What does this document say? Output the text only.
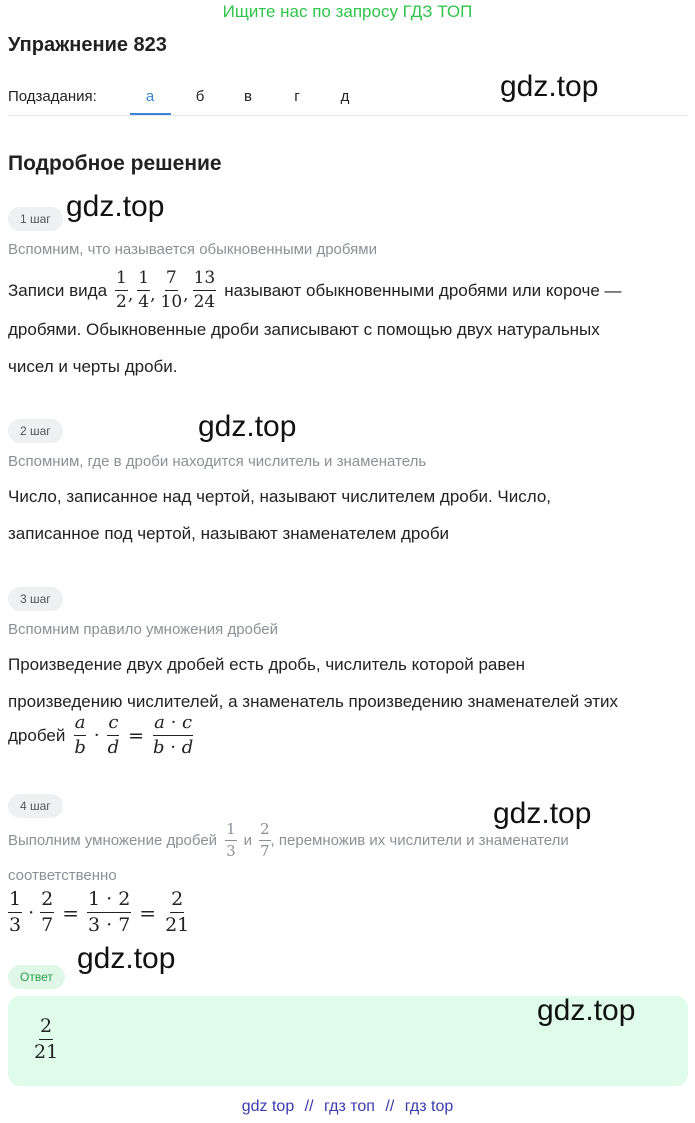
Ищите нас по запросу ГДЗ ТОП
Упражнение 823
Подзадания:	а	б	в	г	д	gdz.top
gdz.top
gdz.top
gdz.top
gdz.top
Подробное решение
1 шаг
Вспомним, что называется обыкновенными дробями
Записи вида $\frac{1}{2}$ , $\frac{1}{4}$ , $\frac{7}{10}$ , $\frac{13}{24}$ называют обыкновенными дробями или короче —
дробями. Обыкновенные дроби записывают с помощью двух натуральных
чисел и черты дроби.
2 шаг
Вспомним, где в дроби находится числитель и знаменатель
Число, записанное над чертой, называют числителем дроби. Число,
записанное под чертой, называют знаменателем дроби
3 шаг
Вспомним правило умножения дробей
Произведение двух дробей есть дробь, числитель которой равен
произведению числителей, а знаменатель произведению знаменателей этих
дробей $\frac{a}{b} \cdot \frac{c}{d} = \frac{a \cdot c}{b \cdot d}$
4 шаг
Выполним умножение дробей $\frac{1}{3}$ и $\frac{2}{7}$ , перемножив их числители и знаменатели
соответственно
$\frac{1}{3} \cdot \frac{2}{7} = \frac{1 \cdot 2}{3 \cdot 7} = \frac{2}{21}$
Ответ
$\frac{2}{21}$
gdz.top
gdz top // гдз топ // гдз top
